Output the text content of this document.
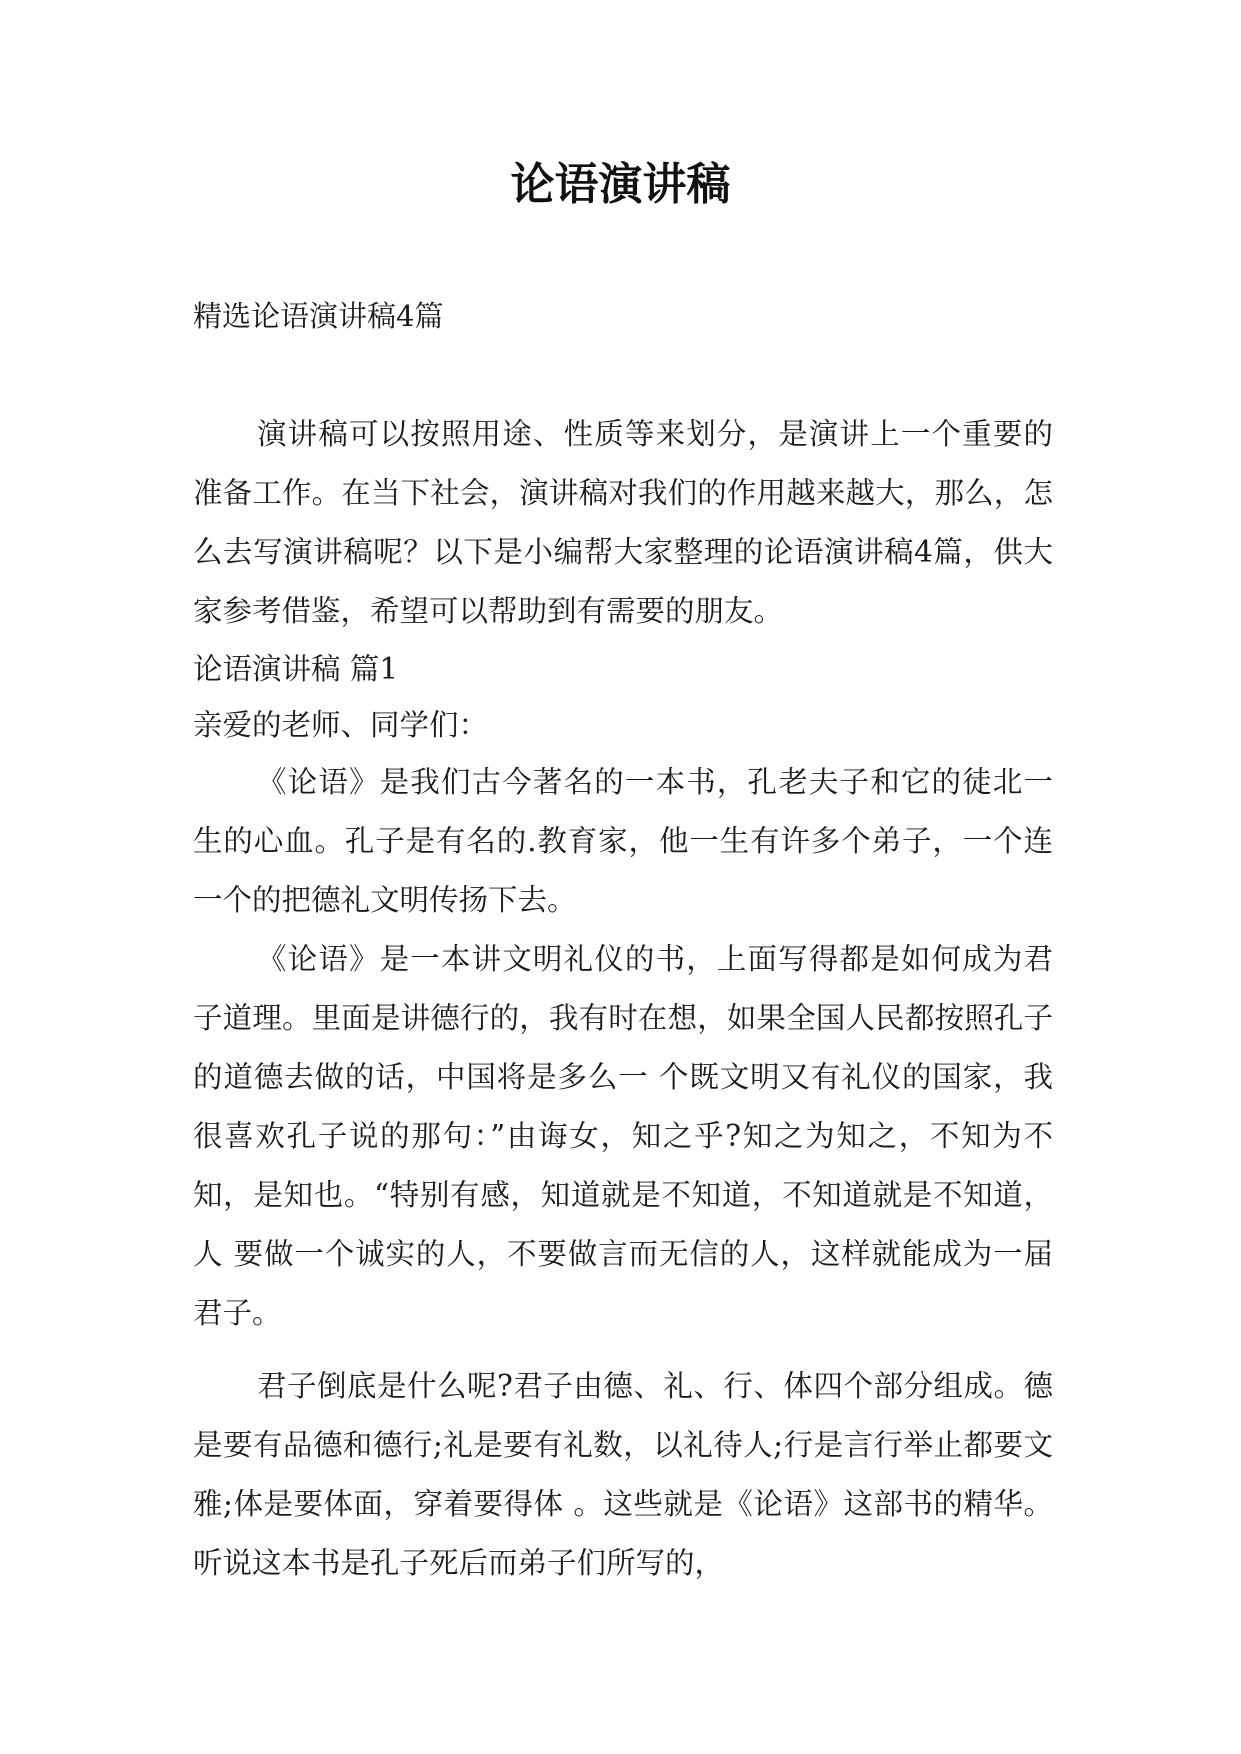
论语演讲稿

精选论语演讲稿4篇

演讲稿可以按照用途、性质等来划分，是演讲上一个重要的准备工作。在当下社会，演讲稿对我们的作用越来越大，那么，怎么去写演讲稿呢？以下是小编帮大家整理的论语演讲稿4篇，供大家参考借鉴，希望可以帮助到有需要的朋友。

论语演讲稿 篇1

亲爱的老师、同学们：

《论语》是我们古今著名的一本书，孔老夫子和它的徒北一生的心血。孔子是有名的.教育家，他一生有许多个弟子，一个连一个的把德礼文明传扬下去。

《论语》是一本讲文明礼仪的书，上面写得都是如何成为君子道理。里面是讲德行的，我有时在想，如果全国人民都按照孔子的道德去做的话，中国将是多么一 个既文明又有礼仪的国家，我很喜欢孔子说的那句：”由诲女，知之乎?知之为知之，不知为不知，是知也。“特别有感，知道就是不知道，不知道就是不知道，人 要做一个诚实的人，不要做言而无信的人，这样就能成为一届君子。

君子倒底是什么呢?君子由德、礼、行、体四个部分组成。德是要有品德和德行;礼是要有礼数，以礼待人;行是言行举止都要文雅;体是要体面，穿着要得体 。这些就是《论语》这部书的精华。听说这本书是孔子死后而弟子们所写的，
